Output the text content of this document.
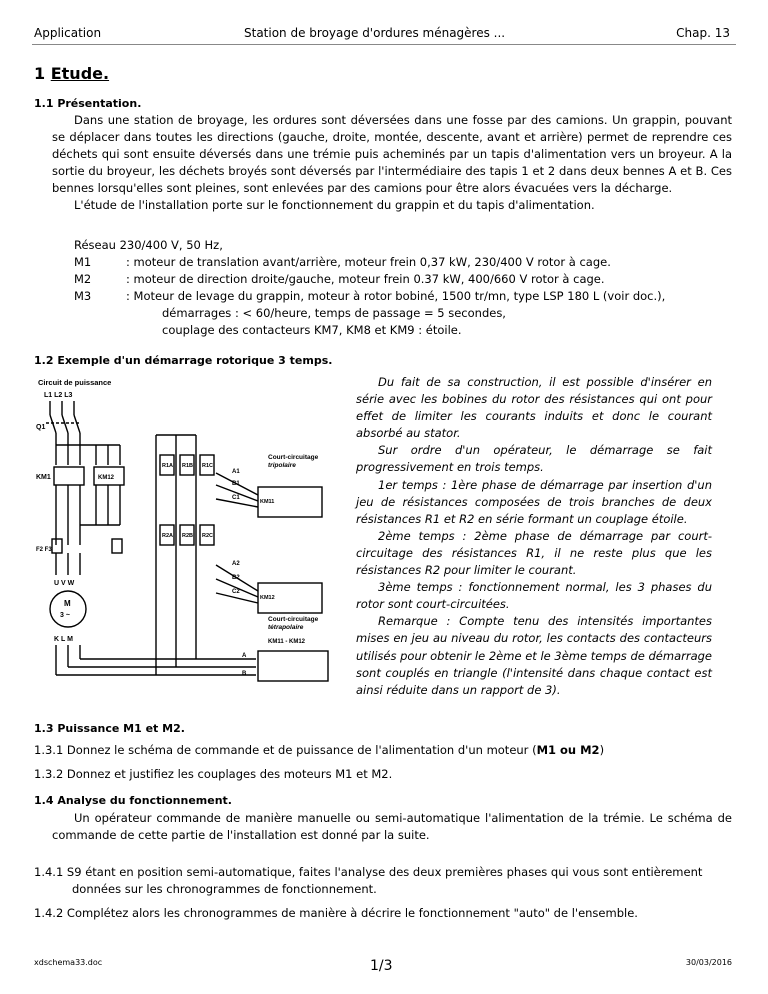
Application	Station de broyage d'ordures ménagères ...	Chap. 13
1 Etude.
1.1 Présentation.
Dans une station de broyage, les ordures sont déversées dans une fosse par des camions. Un grappin, pouvant se déplacer dans toutes les directions (gauche, droite, montée, descente, avant et arrière) permet de reprendre ces déchets qui sont ensuite déversés dans une trémie puis acheminés par un tapis d'alimentation vers un broyeur. A la sortie du broyeur, les déchets broyés sont déversés par l'intermédiaire des tapis 1 et 2 dans deux bennes A et B. Ces bennes lorsqu'elles sont pleines, sont enlevées par des camions pour être alors évacuées vers la décharge.
L'étude de l'installation porte sur le fonctionnement du grappin et du tapis d'alimentation.
Réseau 230/400 V, 50 Hz,
M1	: moteur de translation avant/arrière, moteur frein 0,37 kW, 230/400 V rotor à cage.
M2	: moteur de direction droite/gauche, moteur frein 0.37 kW, 400/660 V rotor à cage.
M3	: Moteur de levage du grappin, moteur à rotor bobiné, 1500 tr/mn, type LSP 180 L (voir doc.),
démarrages : < 60/heure, temps de passage = 5 secondes,
couplage des contacteurs KM7, KM8 et KM9 : étoile.
1.2 Exemple d'un démarrage rotorique 3 temps.
Circuit de puissance
L1 L2 L3
Q1
KM1	KM12
F2 F3
U V W
M
3 ~
K L M
R1A R1B R1C
R2A R2B R2C
Court-circuitage
tripolaire
A1
B1
C1
KM11
A2
B2
C2
KM12
Court-circuitage
tétrapolaire
KM11 - KM12
A
B

Du fait de sa construction, il est possible d'insérer en série avec les bobines du rotor des résistances qui ont pour effet de limiter les courants induits et donc le courant absorbé au stator.

Sur ordre d'un opérateur, le démarrage se fait progressivement en trois temps.

1er temps : 1ère phase de démarrage par insertion d'un jeu de résistances composées de trois branches de deux résistances R1 et R2 en série formant un couplage étoile.

2ème temps : 2ème phase de démarrage par court-circuitage des résistances R1, il ne reste plus que les résistances R2 pour limiter le courant.

3ème temps : fonctionnement normal, les 3 phases du rotor sont court-circuitées.

Remarque : Compte tenu des intensités importantes mises en jeu au niveau du rotor, les contacts des contacteurs utilisés pour obtenir le 2ème et le 3ème temps de démarrage sont couplés en triangle (l'intensité dans chaque contact est ainsi réduite dans un rapport de 3).

1.3 Puissance M1 et M2.
1.3.1 Donnez le schéma de commande et de puissance de l'alimentation d'un moteur (M1 ou M2)
1.3.2 Donnez et justifiez les couplages des moteurs M1 et M2.
1.4 Analyse du fonctionnement.
Un opérateur commande de manière manuelle ou semi-automatique l'alimentation de la trémie. Le schéma de commande de cette partie de l'installation est donné par la suite.
1.4.1 S9 étant en position semi-automatique, faites l'analyse des deux premières phases qui vous sont entièrement
données sur les chronogrammes de fonctionnement.
1.4.2 Complétez alors les chronogrammes de manière à décrire le fonctionnement "auto" de l'ensemble.
xdschema33.doc	1/3	30/03/2016
